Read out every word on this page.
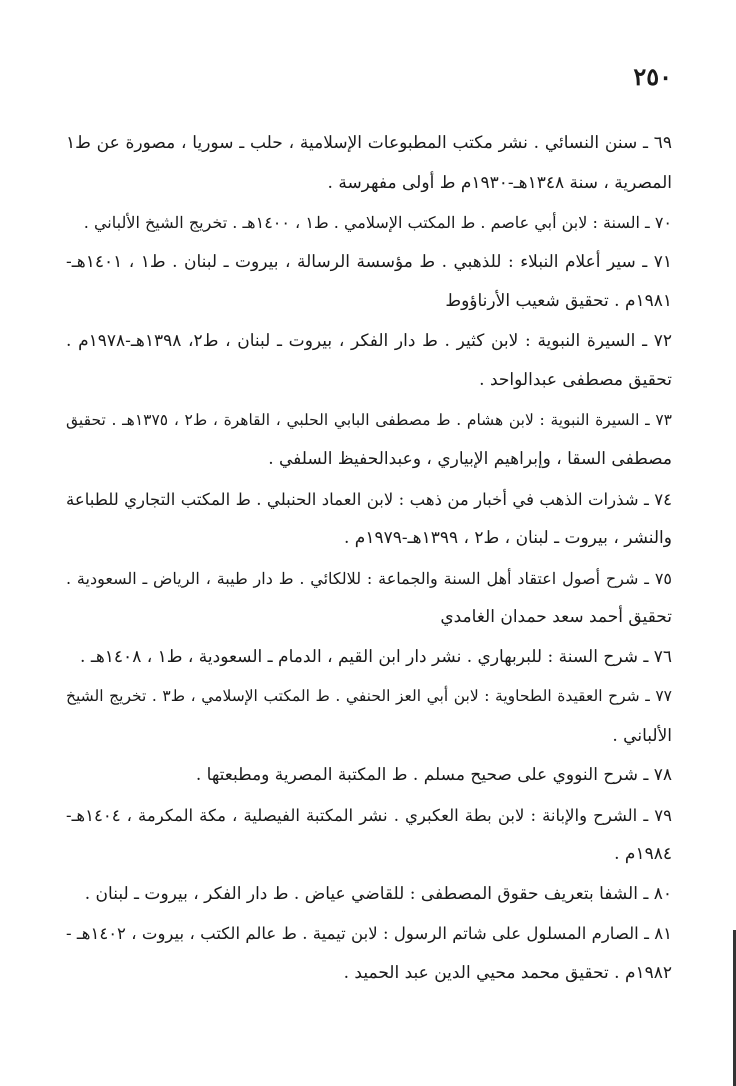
٢٥٠

٦٩ ـ سنن النسائي . نشر مكتب المطبوعات الإسلامية ، حلب ـ سوريا ، مصورة عن ط١
المصرية ، سنة ١٣٤٨هـ-١٩٣٠م ط أولى مفهرسة .

٧٠ ـ السنة : لابن أبي عاصم . ط المكتب الإسلامي . ط١ ، ١٤٠٠هـ . تخريج الشيخ الألباني .

٧١ ـ سير أعلام النبلاء : للذهبي . ط مؤسسة الرسالة ، بيروت ـ لبنان . ط١ ، ١٤٠١هـ-
١٩٨١م . تحقيق شعيب الأرناؤوط

٧٢ ـ السيرة النبوية : لابن كثير . ط دار الفكر ، بيروت ـ لبنان ، ط٢، ١٣٩٨هـ-١٩٧٨م .
تحقيق مصطفى عبدالواحد .

٧٣ ـ السيرة النبوية : لابن هشام . ط مصطفى البابي الحلبي ، القاهرة ، ط٢ ، ١٣٧٥هـ . تحقيق
مصطفى السقا ، وإبراهيم الإبياري ، وعبدالحفيظ السلفي .

٧٤ ـ شذرات الذهب في أخبار من ذهب : لابن العماد الحنبلي . ط المكتب التجاري للطباعة
والنشر ، بيروت ـ لبنان ، ط٢ ، ١٣٩٩هـ-١٩٧٩م .

٧٥ ـ شرح أصول اعتقاد أهل السنة والجماعة : للالكائي . ط دار طيبة ، الرياض ـ السعودية .
تحقيق أحمد سعد حمدان الغامدي

٧٦ ـ شرح السنة : للبربهاري . نشر دار ابن القيم ، الدمام ـ السعودية ، ط١ ، ١٤٠٨هـ .

٧٧ ـ شرح العقيدة الطحاوية : لابن أبي العز الحنفي . ط المكتب الإسلامي ، ط٣ . تخريج الشيخ
الألباني .

٧٨ ـ شرح النووي على صحيح مسلم . ط المكتبة المصرية ومطبعتها .

٧٩ ـ الشرح والإبانة : لابن بطة العكبري . نشر المكتبة الفيصلية ، مكة المكرمة ، ١٤٠٤هـ-
١٩٨٤م .

٨٠ ـ الشفا بتعريف حقوق المصطفى : للقاضي عياض . ط دار الفكر ، بيروت ـ لبنان .

٨١ ـ الصارم المسلول على شاتم الرسول : لابن تيمية . ط عالم الكتب ، بيروت ، ١٤٠٢هـ -
١٩٨٢م . تحقيق محمد محيي الدين عبد الحميد .
